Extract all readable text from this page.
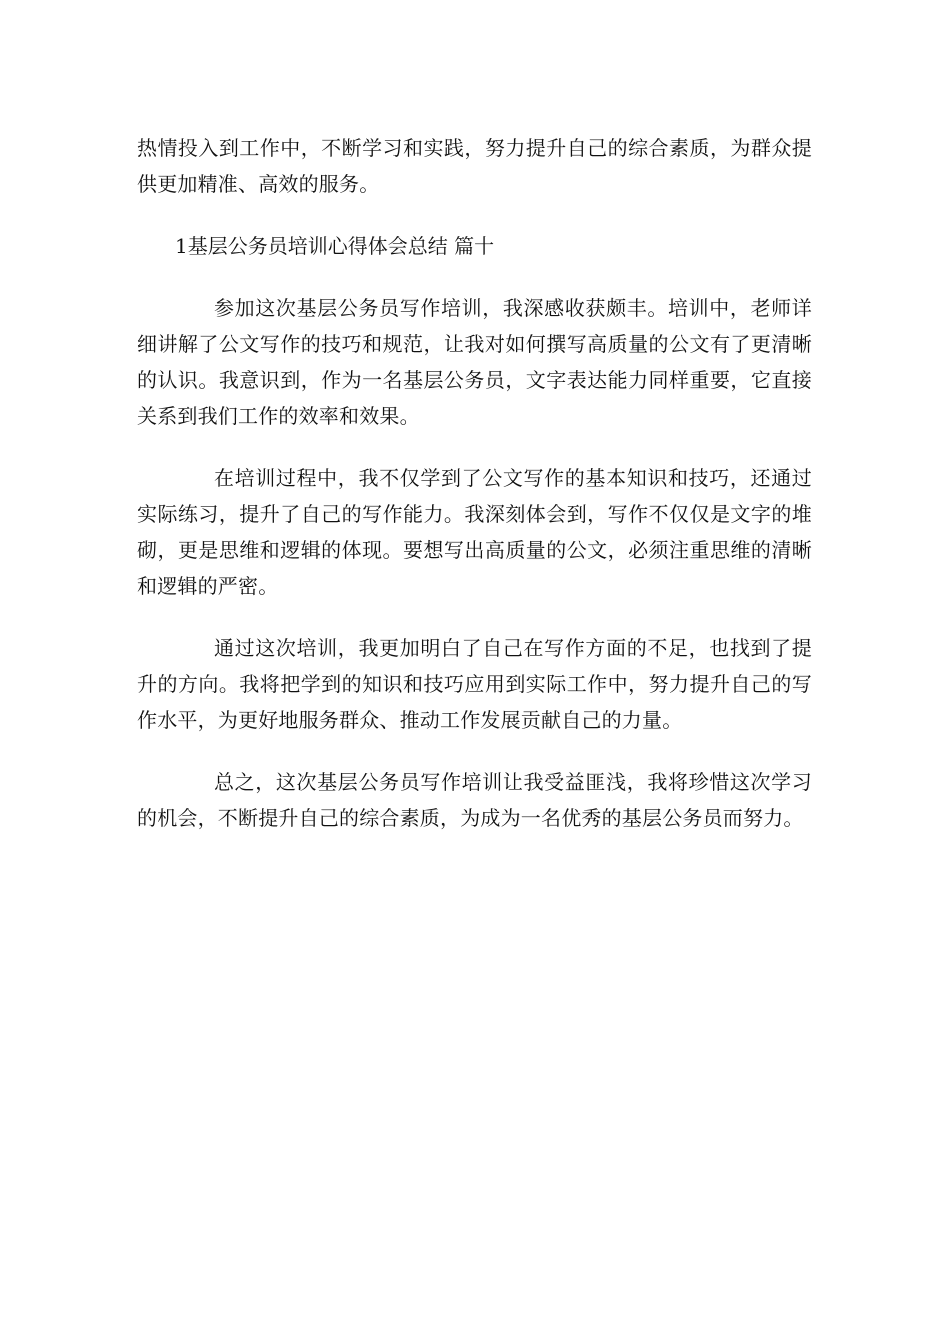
热情投入到工作中，不断学习和实践，努力提升自己的综合素质，为群众提供更加精准、高效的服务。

1基层公务员培训心得体会总结 篇十

参加这次基层公务员写作培训，我深感收获颇丰。培训中，老师详细讲解了公文写作的技巧和规范，让我对如何撰写高质量的公文有了更清晰的认识。我意识到，作为一名基层公务员，文字表达能力同样重要，它直接关系到我们工作的效率和效果。

在培训过程中，我不仅学到了公文写作的基本知识和技巧，还通过实际练习，提升了自己的写作能力。我深刻体会到，写作不仅仅是文字的堆砌，更是思维和逻辑的体现。要想写出高质量的公文，必须注重思维的清晰和逻辑的严密。

通过这次培训，我更加明白了自己在写作方面的不足，也找到了提升的方向。我将把学到的知识和技巧应用到实际工作中，努力提升自己的写作水平，为更好地服务群众、推动工作发展贡献自己的力量。

总之，这次基层公务员写作培训让我受益匪浅，我将珍惜这次学习的机会，不断提升自己的综合素质，为成为一名优秀的基层公务员而努力。
